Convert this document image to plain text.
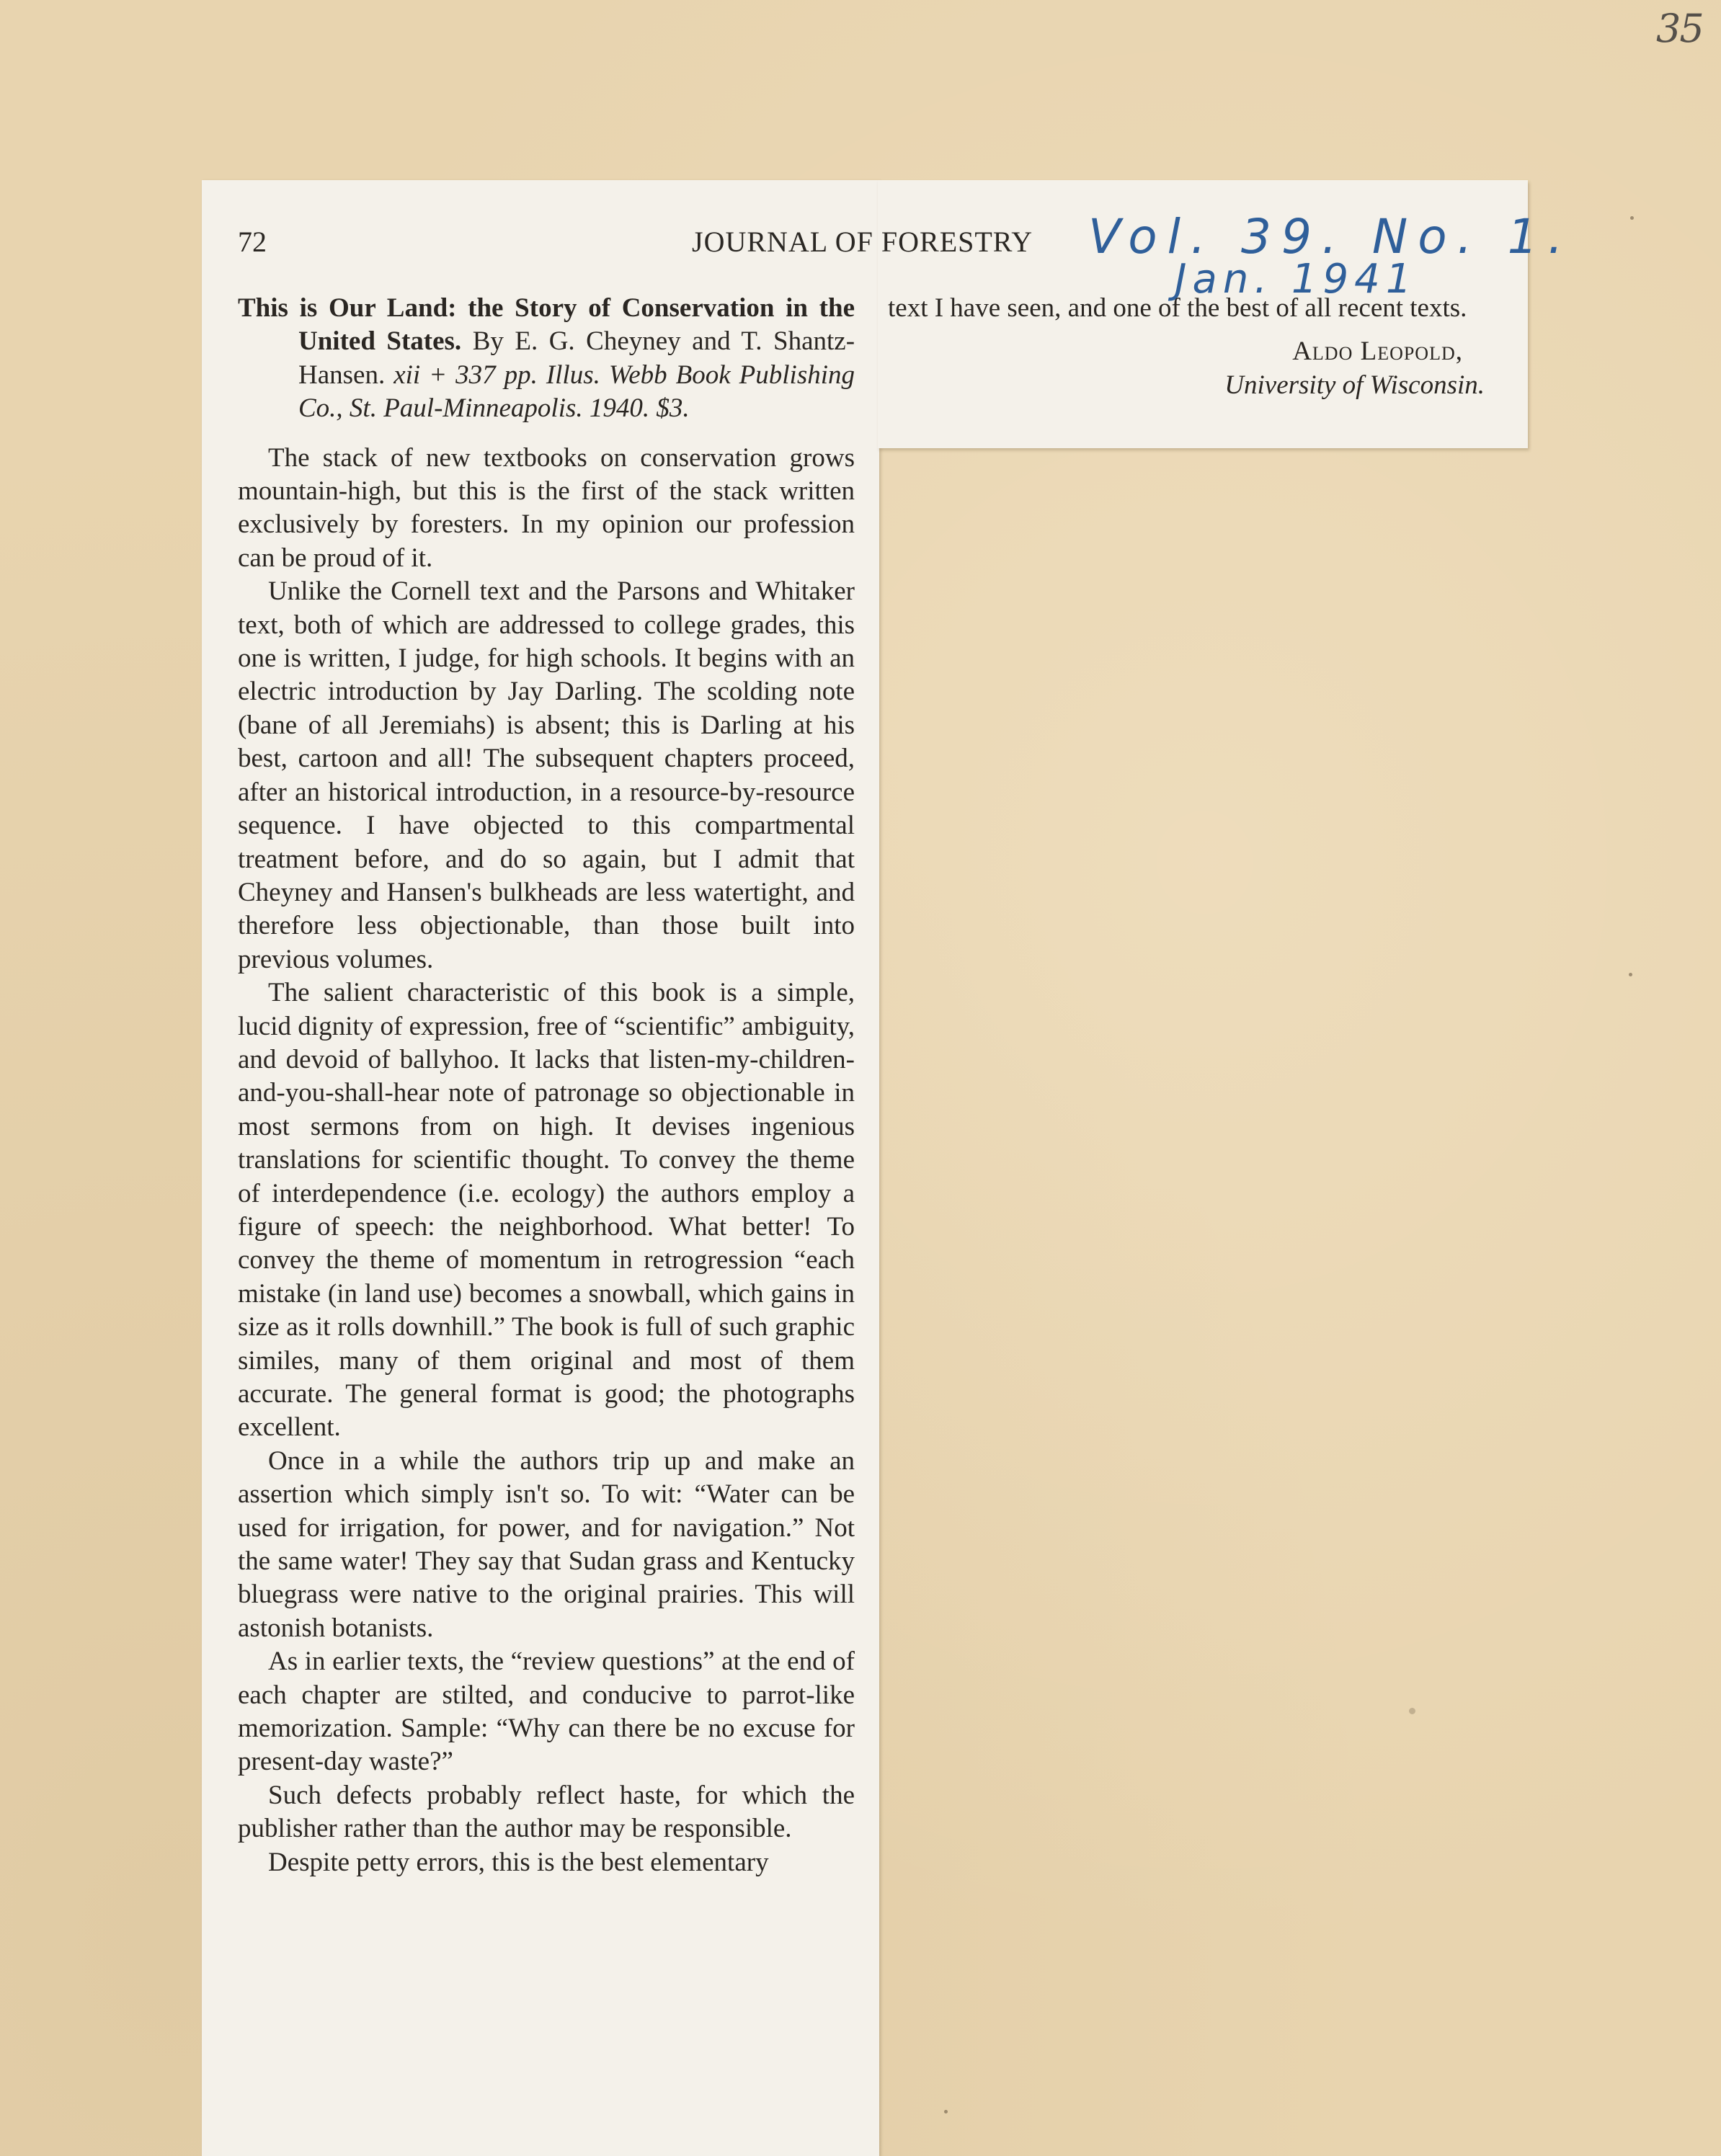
35
72	JOURNAL OF FORESTRY Vol. 39. No. 1.
Jan. 1941
This is Our Land: the Story of Conservation in the United States. By E. G. Cheyney and T. Shantz-Hansen. xii + 337 pp. Illus. Webb Book Publishing Co., St. Paul-Minneapolis. 1940. $3.

The stack of new textbooks on conservation grows mountain-high, but this is the first of the stack written exclusively by foresters. In my opinion our profession can be proud of it.

Unlike the Cornell text and the Parsons and Whitaker text, both of which are addressed to college grades, this one is written, I judge, for high schools. It begins with an electric introduction by Jay Darling. The scolding note (bane of all Jeremiahs) is absent; this is Darling at his best, cartoon and all! The subsequent chapters proceed, after an historical introduction, in a resource-by-resource sequence. I have objected to this compartmental treatment before, and do so again, but I admit that Cheyney and Hansen's bulkheads are less watertight, and therefore less objectionable, than those built into previous volumes.

The salient characteristic of this book is a simple, lucid dignity of expression, free of “scientific” ambiguity, and devoid of ballyhoo. It lacks that listen-my-children-and-you-shall-hear note of patronage so objectionable in most sermons from on high. It devises ingenious translations for scientific thought. To convey the theme of interdependence (i.e. ecology) the authors employ a figure of speech: the neighborhood. What better! To convey the theme of momentum in retrogression “each mistake (in land use) becomes a snowball, which gains in size as it rolls downhill.” The book is full of such graphic similes, many of them original and most of them accurate. The general format is good; the photographs excellent.

Once in a while the authors trip up and make an assertion which simply isn't so. To wit: “Water can be used for irrigation, for power, and for navigation.” Not the same water! They say that Sudan grass and Kentucky bluegrass were native to the original prairies. This will astonish botanists.

As in earlier texts, the “review questions” at the end of each chapter are stilted, and conducive to parrot-like memorization. Sample: “Why can there be no excuse for present-day waste?”

Such defects probably reflect haste, for which the publisher rather than the author may be responsible.

Despite petty errors, this is the best elementary

text I have seen, and one of the best of all recent texts.
Aldo Leopold,
University of Wisconsin.
